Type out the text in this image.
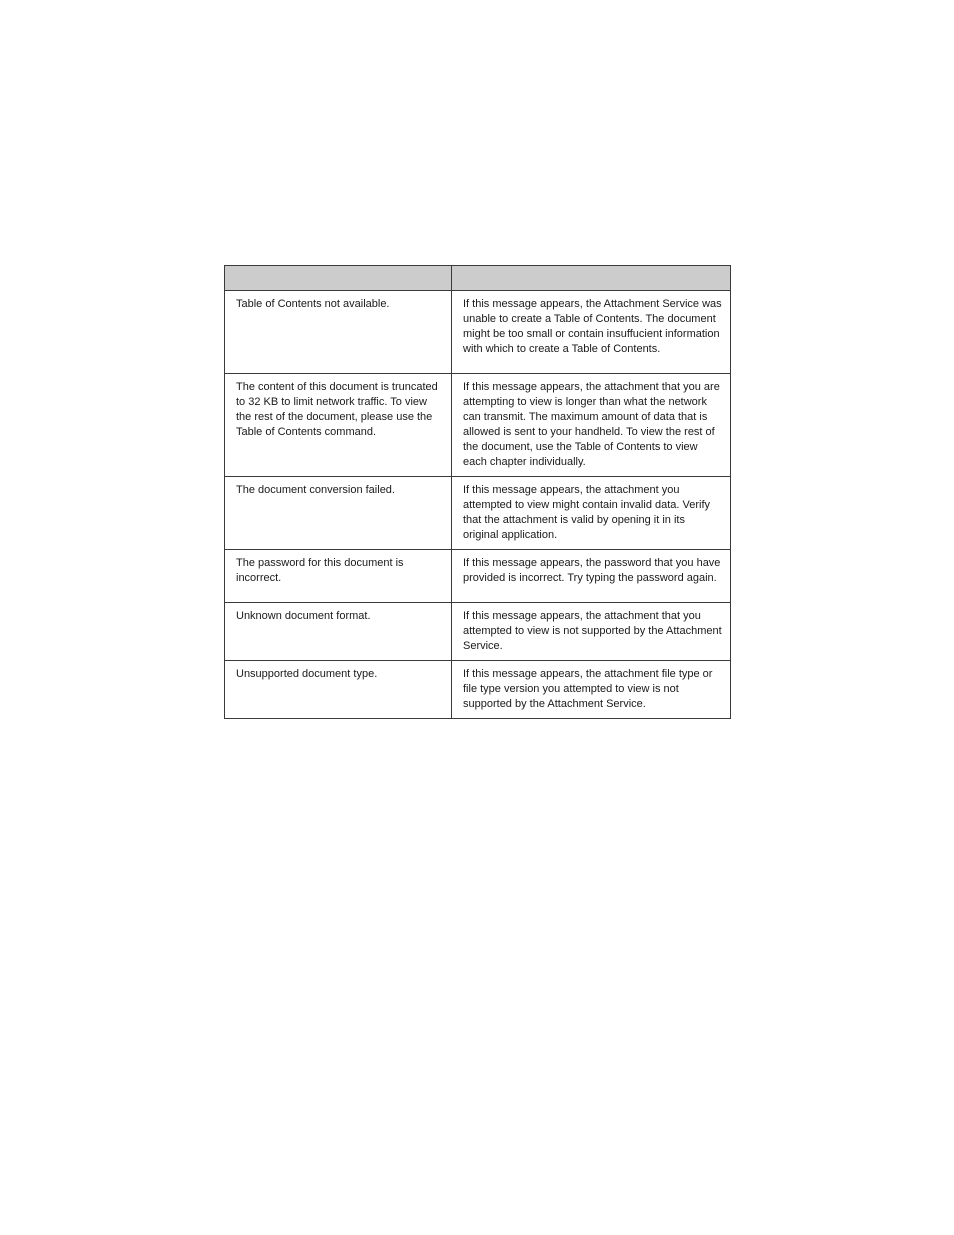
Table of Contents not available.	If this message appears, the Attachment Service was unable to create a Table of Contents. The document might be too small or contain insuffucient information with which to create a Table of Contents.
The content of this document is truncated to 32 KB to limit network traffic. To view the rest of the document, please use the Table of Contents command.	If this message appears, the attachment that you are attempting to view is longer than what the network can transmit. The maximum amount of data that is allowed is sent to your handheld. To view the rest of the document, use the Table of Contents to view each chapter individually.
The document conversion failed.	If this message appears, the attachment you attempted to view might contain invalid data. Verify that the attachment is valid by opening it in its original application.
The password for this document is incorrect.	If this message appears, the password that you have provided is incorrect. Try typing the password again.
Unknown document format.	If this message appears, the attachment that you attempted to view is not supported by the Attachment Service.
Unsupported document type.	If this message appears, the attachment file type or file type version you attempted to view is not supported by the Attachment Service.
